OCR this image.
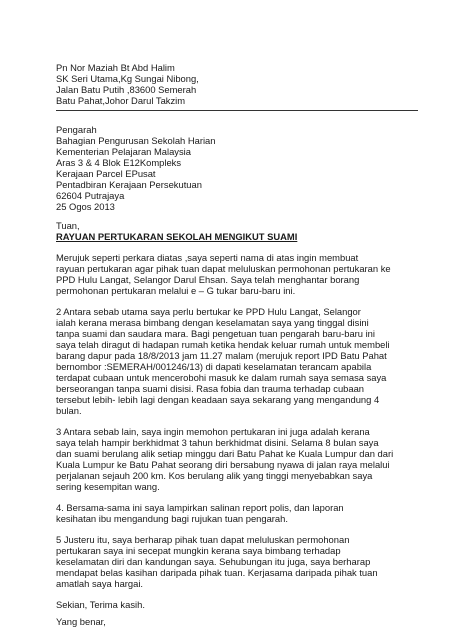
Pn Nor Maziah Bt Abd Halim
SK Seri Utama,Kg Sungai Nibong,
Jalan Batu Putih ,83600 Semerah
Batu Pahat,Johor Darul Takzim
Pengarah
Bahagian Pengurusan Sekolah Harian
Kementerian Pelajaran Malaysia
Aras 3 & 4 Blok E12Kompleks
Kerajaan Parcel EPusat
Pentadbiran Kerajaan Persekutuan
62604 Putrajaya
25 Ogos 2013
Tuan,
RAYUAN PERTUKARAN SEKOLAH MENGIKUT SUAMI
Merujuk seperti perkara diatas ,saya seperti nama di atas ingin membuat
rayuan pertukaran agar pihak tuan dapat meluluskan permohonan pertukaran ke
PPD Hulu Langat, Selangor Darul Ehsan. Saya telah menghantar borang
permohonan pertukaran melalui e – G tukar baru-baru ini.
2 Antara sebab utama saya perlu bertukar ke PPD Hulu Langat, Selangor
ialah kerana merasa bimbang dengan keselamatan saya yang tinggal disini
tanpa suami dan saudara mara. Bagi pengetuan tuan pengarah baru-baru ini
saya telah diragut di hadapan rumah ketika hendak keluar rumah untuk membeli
barang dapur pada 18/8/2013 jam 11.27 malam (merujuk report IPD Batu Pahat
bernombor :SEMERAH/001246/13) di dapati keselamatan terancam apabila
terdapat cubaan untuk mencerobohi masuk ke dalam rumah saya semasa saya
berseorangan tanpa suami disisi. Rasa fobia dan trauma terhadap cubaan
tersebut lebih- lebih lagi dengan keadaan saya sekarang yang mengandung 4
bulan.
3 Antara sebab lain, saya ingin memohon pertukaran ini juga adalah kerana
saya telah hampir berkhidmat 3 tahun berkhidmat disini. Selama 8 bulan saya
dan suami berulang alik setiap minggu dari Batu Pahat ke Kuala Lumpur dan dari
Kuala Lumpur ke Batu Pahat seorang diri bersabung nyawa di jalan raya melalui
perjalanan sejauh 200 km. Kos berulang alik yang tinggi menyebabkan saya
sering kesempitan wang.
4. Bersama-sama ini saya lampirkan salinan report polis, dan laporan
kesihatan ibu mengandung bagi rujukan tuan pengarah.
5 Justeru itu, saya berharap pihak tuan dapat meluluskan permohonan
pertukaran saya ini secepat mungkin kerana saya bimbang terhadap
keselamatan diri dan kandungan saya. Sehubungan itu juga, saya berharap
mendapat belas kasihan daripada pihak tuan. Kerjasama daripada pihak tuan
amatlah saya hargai.
Sekian, Terima kasih.
Yang benar,
